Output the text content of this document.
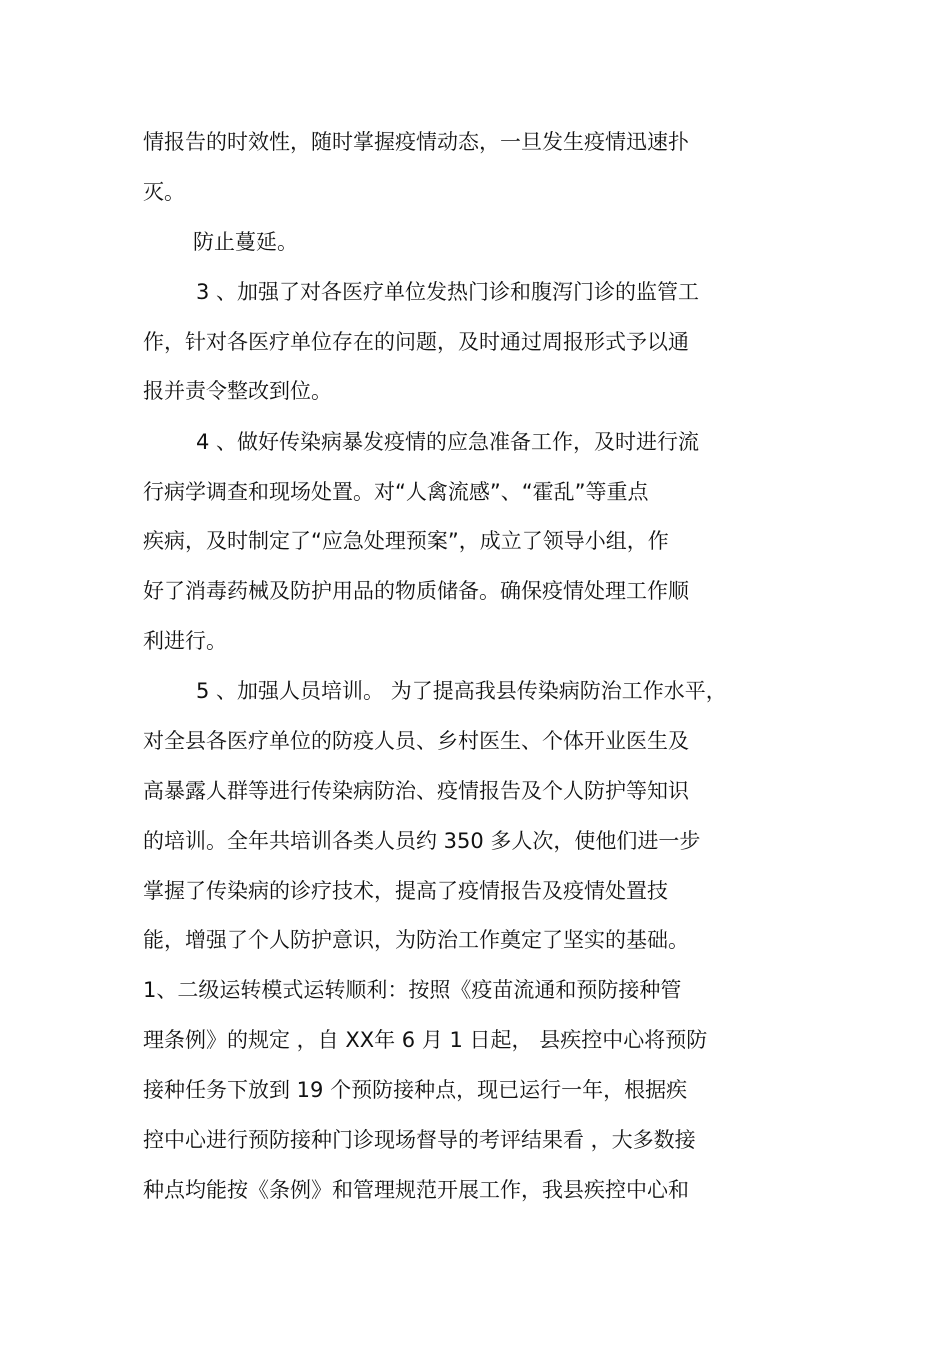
情报告的时效性，随时掌握疫情动态，一旦发生疫情迅速扑
灭。
防止蔓延。
3 、加强了对各医疗单位发热门诊和腹泻门诊的监管工
作，针对各医疗单位存在的问题，及时通过周报形式予以通
报并责令整改到位。
4 、做好传染病暴发疫情的应急准备工作，及时进行流
行病学调查和现场处置。对“人禽流感”、“霍乱”等重点
疾病，及时制定了“应急处理预案”，成立了领导小组，作
好了消毒药械及防护用品的物质储备。确保疫情处理工作顺
利进行。
5 、加强人员培训。 为了提高我县传染病防治工作水平，
对全县各医疗单位的防疫人员、乡村医生、个体开业医生及
高暴露人群等进行传染病防治、疫情报告及个人防护等知识
的培训。全年共培训各类人员约 350 多人次，使他们进一步
掌握了传染病的诊疗技术，提高了疫情报告及疫情处置技
能，增强了个人防护意识，为防治工作奠定了坚实的基础。
1、二级运转模式运转顺利：按照《疫苗流通和预防接种管
理条例》的规定 ，自 XX年 6 月 1 日起， 县疾控中心将预防
接种任务下放到 19 个预防接种点，现已运行一年，根据疾
控中心进行预防接种门诊现场督导的考评结果看 ，大多数接
种点均能按《条例》和管理规范开展工作，我县疾控中心和
